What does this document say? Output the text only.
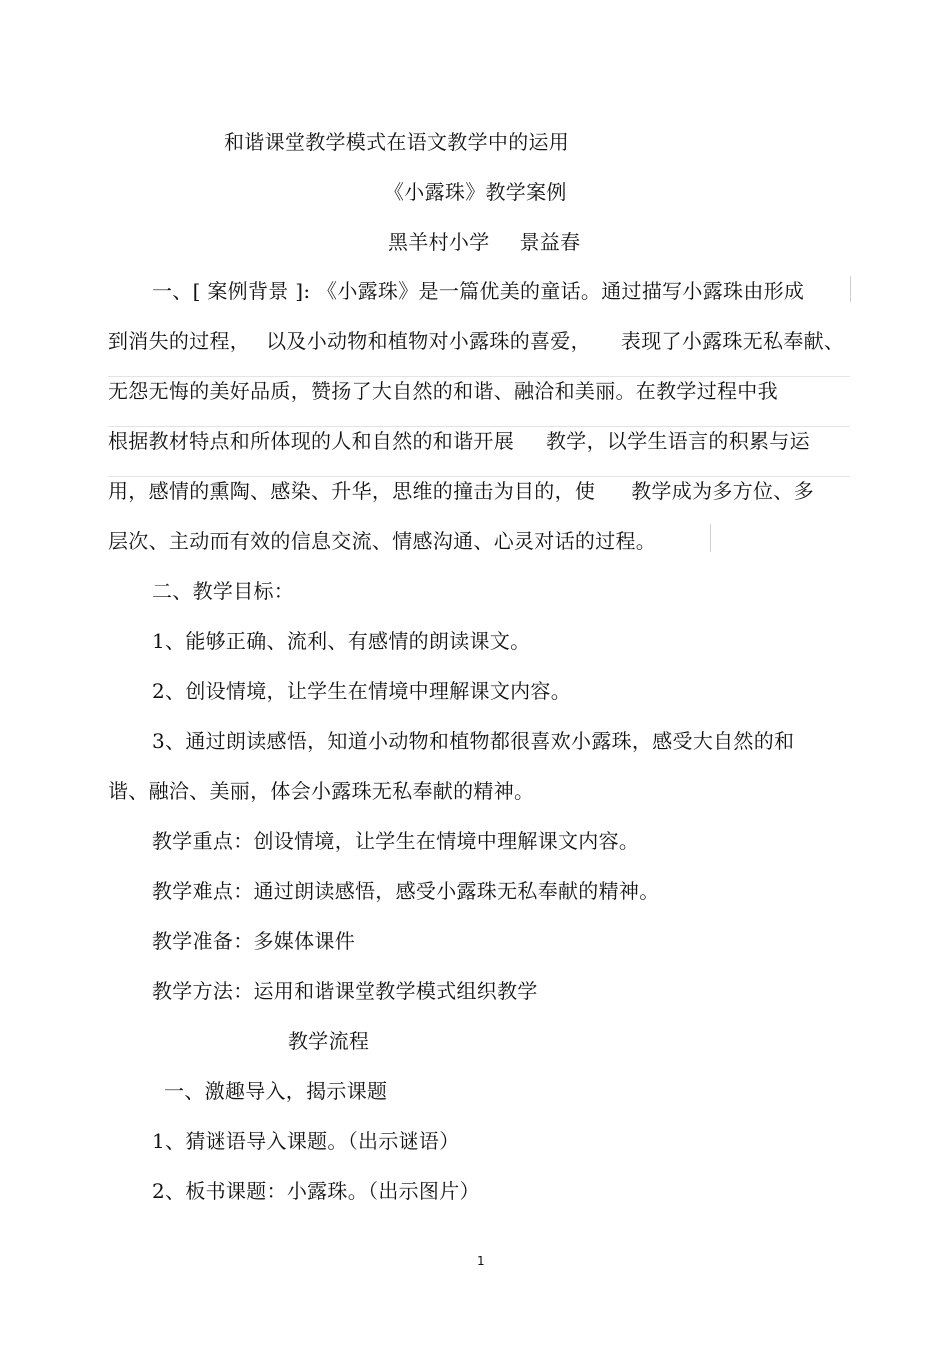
和谐课堂教学模式在语文教学中的运用
《小露珠》教学案例
黑羊村小学 景益春
一、[ 案例背景 ]: 《小露珠》是一篇优美的童话。通过描写小露珠由形成
到消失的过程， 以及小动物和植物对小露珠的喜爱， 表现了小露珠无私奉献、
无怨无悔的美好品质，赞扬了大自然的和谐、融洽和美丽。在教学过程中我
根据教材特点和所体现的人和自然的和谐开展 教学，以学生语言的积累与运
用，感情的熏陶、感染、升华，思维的撞击为目的，使 教学成为多方位、多
层次、主动而有效的信息交流、情感沟通、心灵对话的过程。
二、教学目标：
1、能够正确、流利、有感情的朗读课文。
2、创设情境，让学生在情境中理解课文内容。
3、通过朗读感悟，知道小动物和植物都很喜欢小露珠，感受大自然的和
谐、融洽、美丽，体会小露珠无私奉献的精神。
教学重点：创设情境，让学生在情境中理解课文内容。
教学难点：通过朗读感悟，感受小露珠无私奉献的精神。
教学准备：多媒体课件
教学方法：运用和谐课堂教学模式组织教学
教学流程
一、激趣导入，揭示课题
1、猜谜语导入课题。（出示谜语）
2、板书课题：小露珠。（出示图片）
1
